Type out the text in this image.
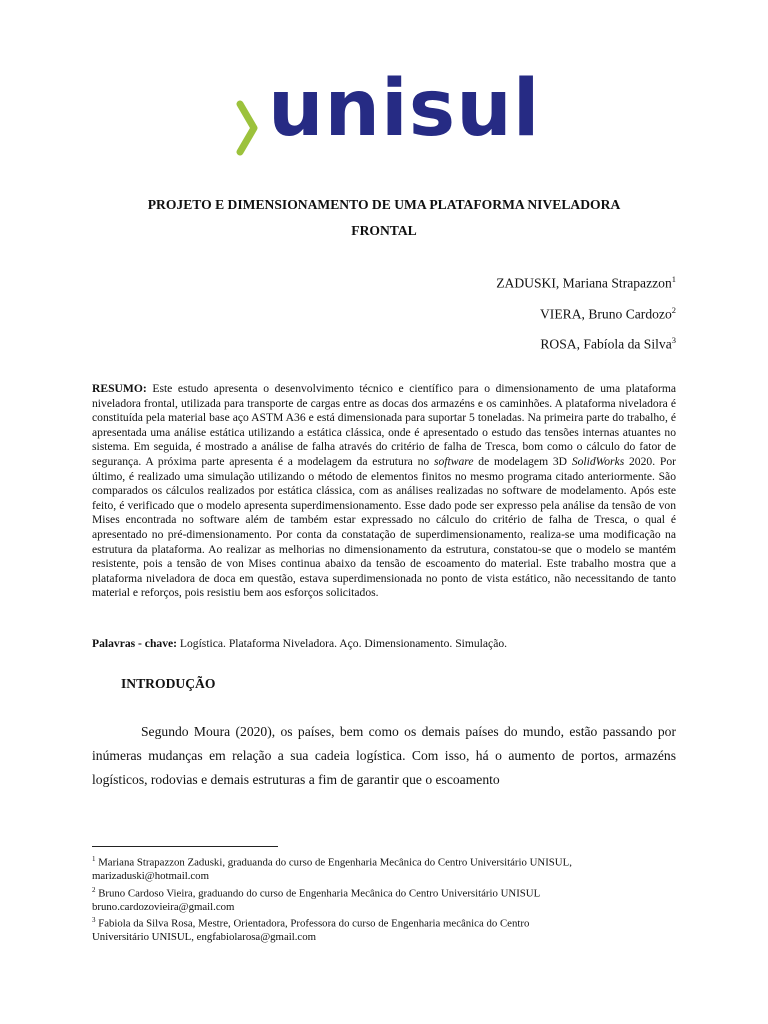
unisul
PROJETO E DIMENSIONAMENTO DE UMA PLATAFORMA NIVELADORA
FRONTAL
ZADUSKI, Mariana Strapazzon$^1$
VIERA, Bruno Cardozo$^2$
ROSA, Fabíola da Silva$^3$
RESUMO: Este estudo apresenta o desenvolvimento técnico e científico para o dimensionamento de uma plataforma niveladora frontal, utilizada para transporte de cargas entre as docas dos armazéns e os caminhões. A plataforma niveladora é constituída pela material base aço ASTM A36 e está dimensionada para suportar 5 toneladas. Na primeira parte do trabalho, é apresentada uma análise estática utilizando a estática clássica, onde é apresentado o estudo das tensões internas atuantes no sistema. Em seguida, é mostrado a análise de falha através do critério de falha de Tresca, bom como o cálculo do fator de segurança. A próxima parte apresenta é a modelagem da estrutura no software de modelagem 3D SolidWorks 2020. Por último, é realizado uma simulação utilizando o método de elementos finitos no mesmo programa citado anteriormente. São comparados os cálculos realizados por estática clássica, com as análises realizadas no software de modelamento. Após este feito, é verificado que o modelo apresenta superdimensionamento. Esse dado pode ser expresso pela análise da tensão de von Mises encontrada no software além de também estar expressado no cálculo do critério de falha de Tresca, o qual é apresentado no pré-dimensionamento. Por conta da constatação de superdimensionamento, realiza-se uma modificação na estrutura da plataforma. Ao realizar as melhorias no dimensionamento da estrutura, constatou-se que o modelo se mantém resistente, pois a tensão de von Mises continua abaixo da tensão de escoamento do material. Este trabalho mostra que a plataforma niveladora de doca em questão, estava superdimensionada no ponto de vista estático, não necessitando de tanto material e reforços, pois resistiu bem aos esforços solicitados.
Palavras - chave: Logística. Plataforma Niveladora. Aço. Dimensionamento. Simulação.
INTRODUÇÃO
Segundo Moura (2020), os países, bem como os demais países do mundo, estão passando por inúmeras mudanças em relação a sua cadeia logística. Com isso, há o aumento de portos, armazéns logísticos, rodovias e demais estruturas a fim de garantir que o escoamento
$^1$ Mariana Strapazzon Zaduski, graduanda do curso de Engenharia Mecânica do Centro Universitário UNISUL,
marizaduski@hotmail.com
$^2$ Bruno Cardoso Vieira, graduando do curso de Engenharia Mecânica do Centro Universitário UNISUL
bruno.cardozovieira@gmail.com
$^3$ Fabiola da Silva Rosa, Mestre, Orientadora, Professora do curso de Engenharia mecânica do Centro
Universitário UNISUL, engfabiolarosa@gmail.com
